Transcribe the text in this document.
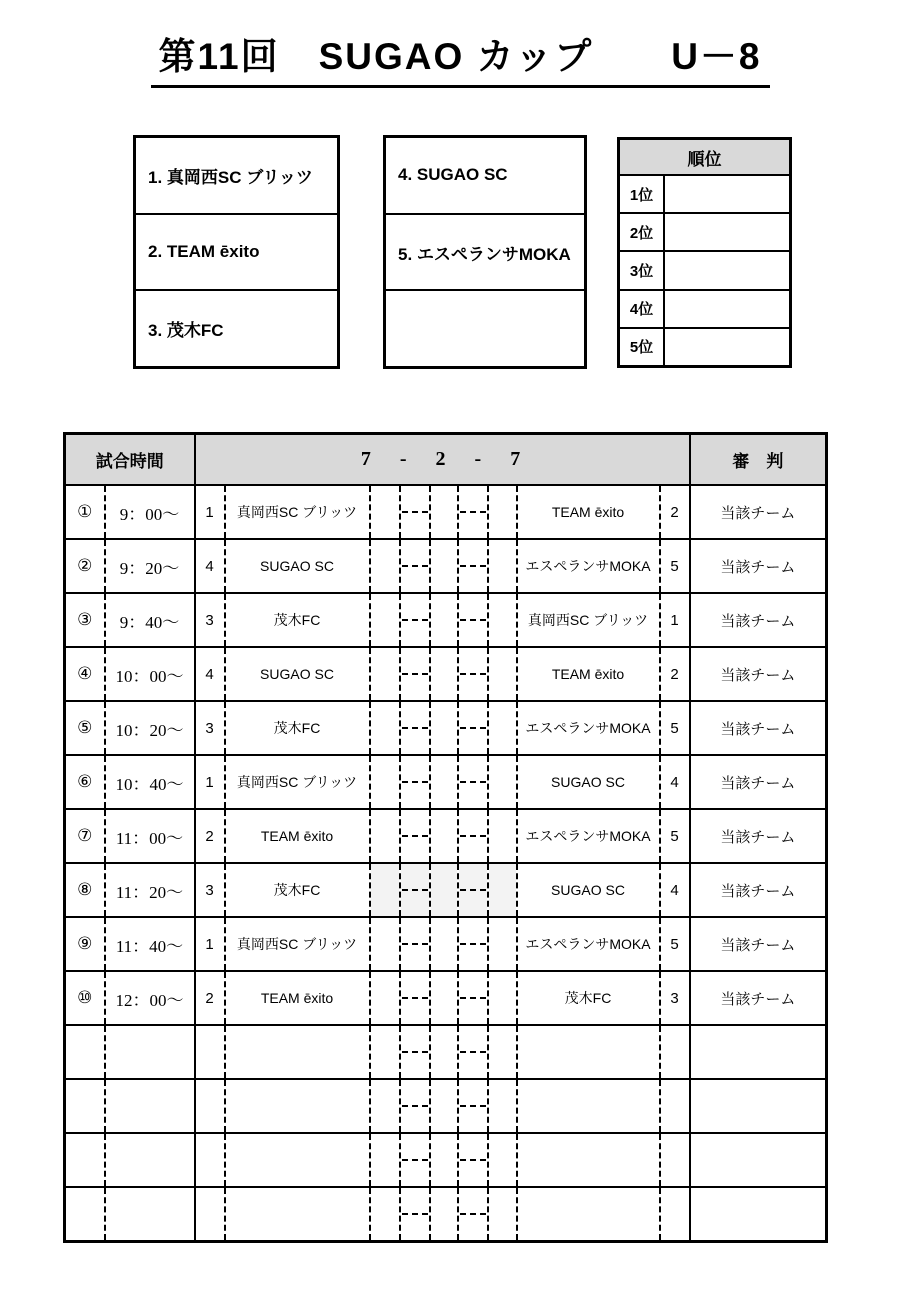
第11回　SUGAO カップ　　U－8
1. 真岡西SC ブリッツ
2. TEAM ēxito
3. 茂木FC
4. SUGAO SC
5. エスペランサMOKA
順位
1位
2位
3位
4位
5位
試合時間		7 - 2 - 7									審　判
①	9：00～	1	真岡西SC ブリッツ						TEAM ēxito	2	当該チーム
②	9：20～	4	SUGAO SC						エスペランサMOKA	5	当該チーム
③	9：40～	3	茂木FC						真岡西SC ブリッツ	1	当該チーム
④	10：00～	4	SUGAO SC						TEAM ēxito	2	当該チーム
⑤	10：20～	3	茂木FC						エスペランサMOKA	5	当該チーム
⑥	10：40～	1	真岡西SC ブリッツ						SUGAO SC	4	当該チーム
⑦	11：00～	2	TEAM ēxito						エスペランサMOKA	5	当該チーム
⑧	11：20～	3	茂木FC						SUGAO SC	4	当該チーム
⑨	11：40～	1	真岡西SC ブリッツ						エスペランサMOKA	5	当該チーム
⑩	12：00～	2	TEAM ēxito						茂木FC	3	当該チーム
